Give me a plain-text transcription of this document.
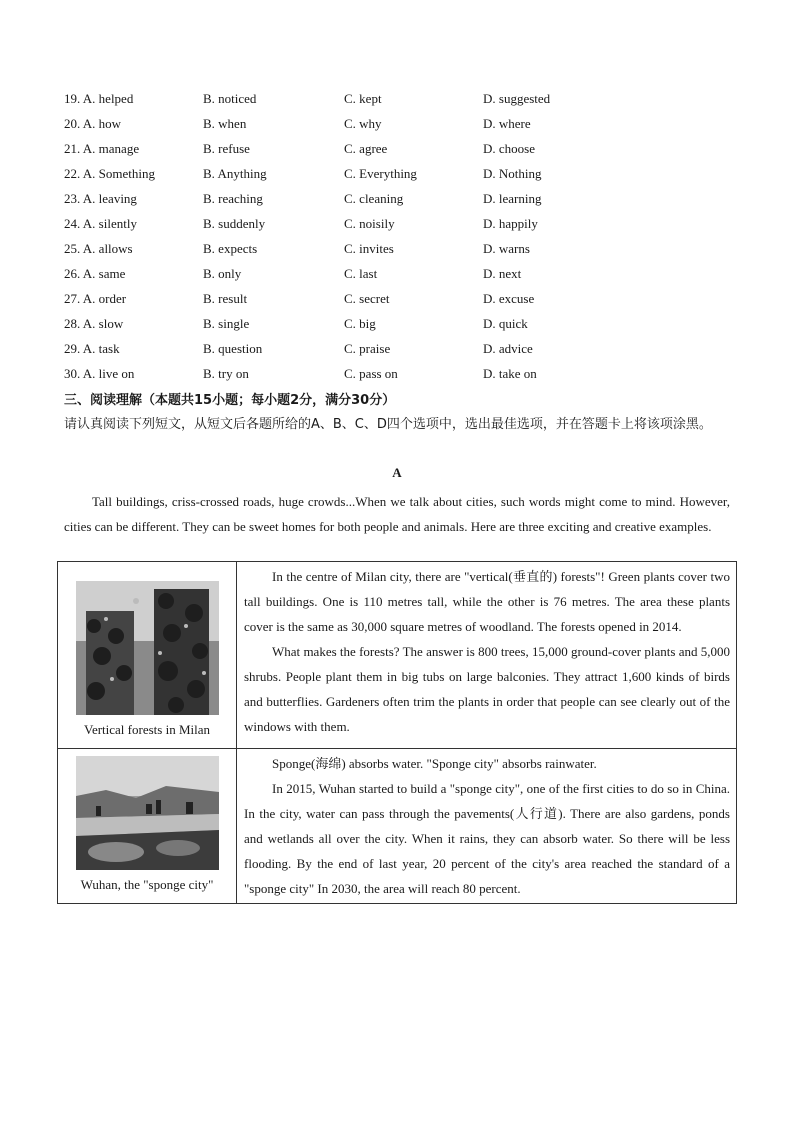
19. A. helped	B. noticed	C. kept	D. suggested
20. A. how	B. when	C. why	D. where
21. A. manage	B. refuse	C. agree	D. choose
22. A. Something	B. Anything	C. Everything	D. Nothing
23. A. leaving	B. reaching	C. cleaning	D. learning
24. A. silently	B. suddenly	C. noisily	D. happily
25. A. allows	B. expects	C. invites	D. warns
26. A. same	B. only	C. last	D. next
27. A. order	B. result	C. secret	D. excuse
28. A. slow	B. single	C. big	D. quick
29. A. task	B. question	C. praise	D. advice
30. A. live on	B. try on	C. pass on	D. take on
三、阅读理解（本题共15小题；每小题2分，满分30分）
请认真阅读下列短文，从短文后各题所给的A、B、C、D四个选项中，选出最佳选项，并在答题卡上将该项涂黑。
A

Tall buildings, criss-crossed roads, huge crowds...When we talk about cities, such words might come to mind. However, cities can be different. They can be sweet homes for both people and animals. Here are three exciting and creative examples.

Vertical forests in Milan	In the centre of Milan city, there are "vertical(垂直的) forests"! Green plants cover two tall buildings. One is 110 metres tall, while the other is 76 metres. The area these plants cover is the same as 30,000 square metres of woodland. The forests opened in 2014.

What makes the forests? The answer is 800 trees, 15,000 ground-cover plants and 5,000 shrubs. People plant them in big tubs on large balconies. They attract 1,600 kinds of birds and butterflies. Gardeners often trim the plants in order that people can see clearly out of the windows with them.

Wuhan, the "sponge city"	Sponge(海绵) absorbs water. "Sponge city" absorbs rainwater.

In 2015, Wuhan started to build a "sponge city", one of the first cities to do so in China. In the city, water can pass through the pavements(人行道). There are also gardens, ponds and wetlands all over the city. When it rains, they can absorb water. So there will be less flooding. By the end of last year, 20 percent of the city's area reached the standard of a "sponge city" In 2030, the area will reach 80 percent.
